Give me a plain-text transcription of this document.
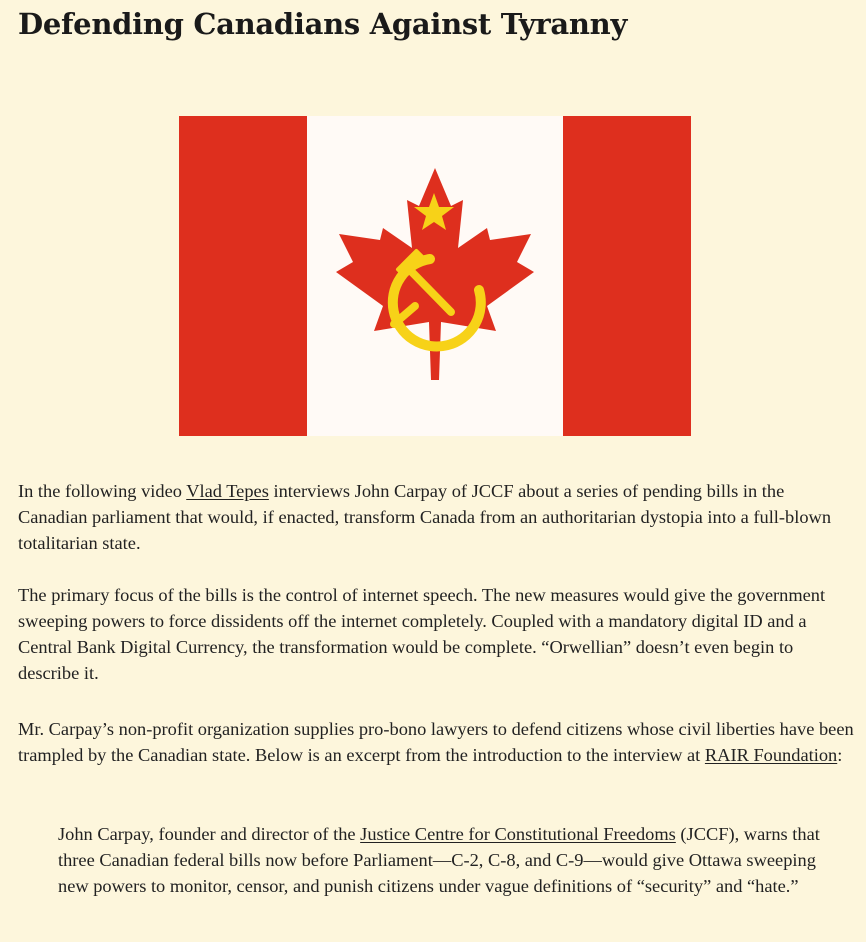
Defending Canadians Against Tyranny

In the following video Vlad Tepes interviews John Carpay of JCCF about a series of pending bills in the Canadian parliament that would, if enacted, transform Canada from an authoritarian dystopia into a full-blown totalitarian state.

The primary focus of the bills is the control of internet speech. The new measures would give the government sweeping powers to force dissidents off the internet completely. Coupled with a mandatory digital ID and a Central Bank Digital Currency, the transformation would be complete. “Orwellian” doesn’t even begin to describe it.

Mr. Carpay’s non-profit organization supplies pro-bono lawyers to defend citizens whose civil liberties have been trampled by the Canadian state. Below is an excerpt from the introduction to the interview at RAIR Foundation:

John Carpay, founder and director of the Justice Centre for Constitutional Freedoms (JCCF), warns that three Canadian federal bills now before Parliament—C-2, C-8, and C-9—would give Ottawa sweeping new powers to monitor, censor, and punish citizens under vague definitions of “security” and “hate.”
